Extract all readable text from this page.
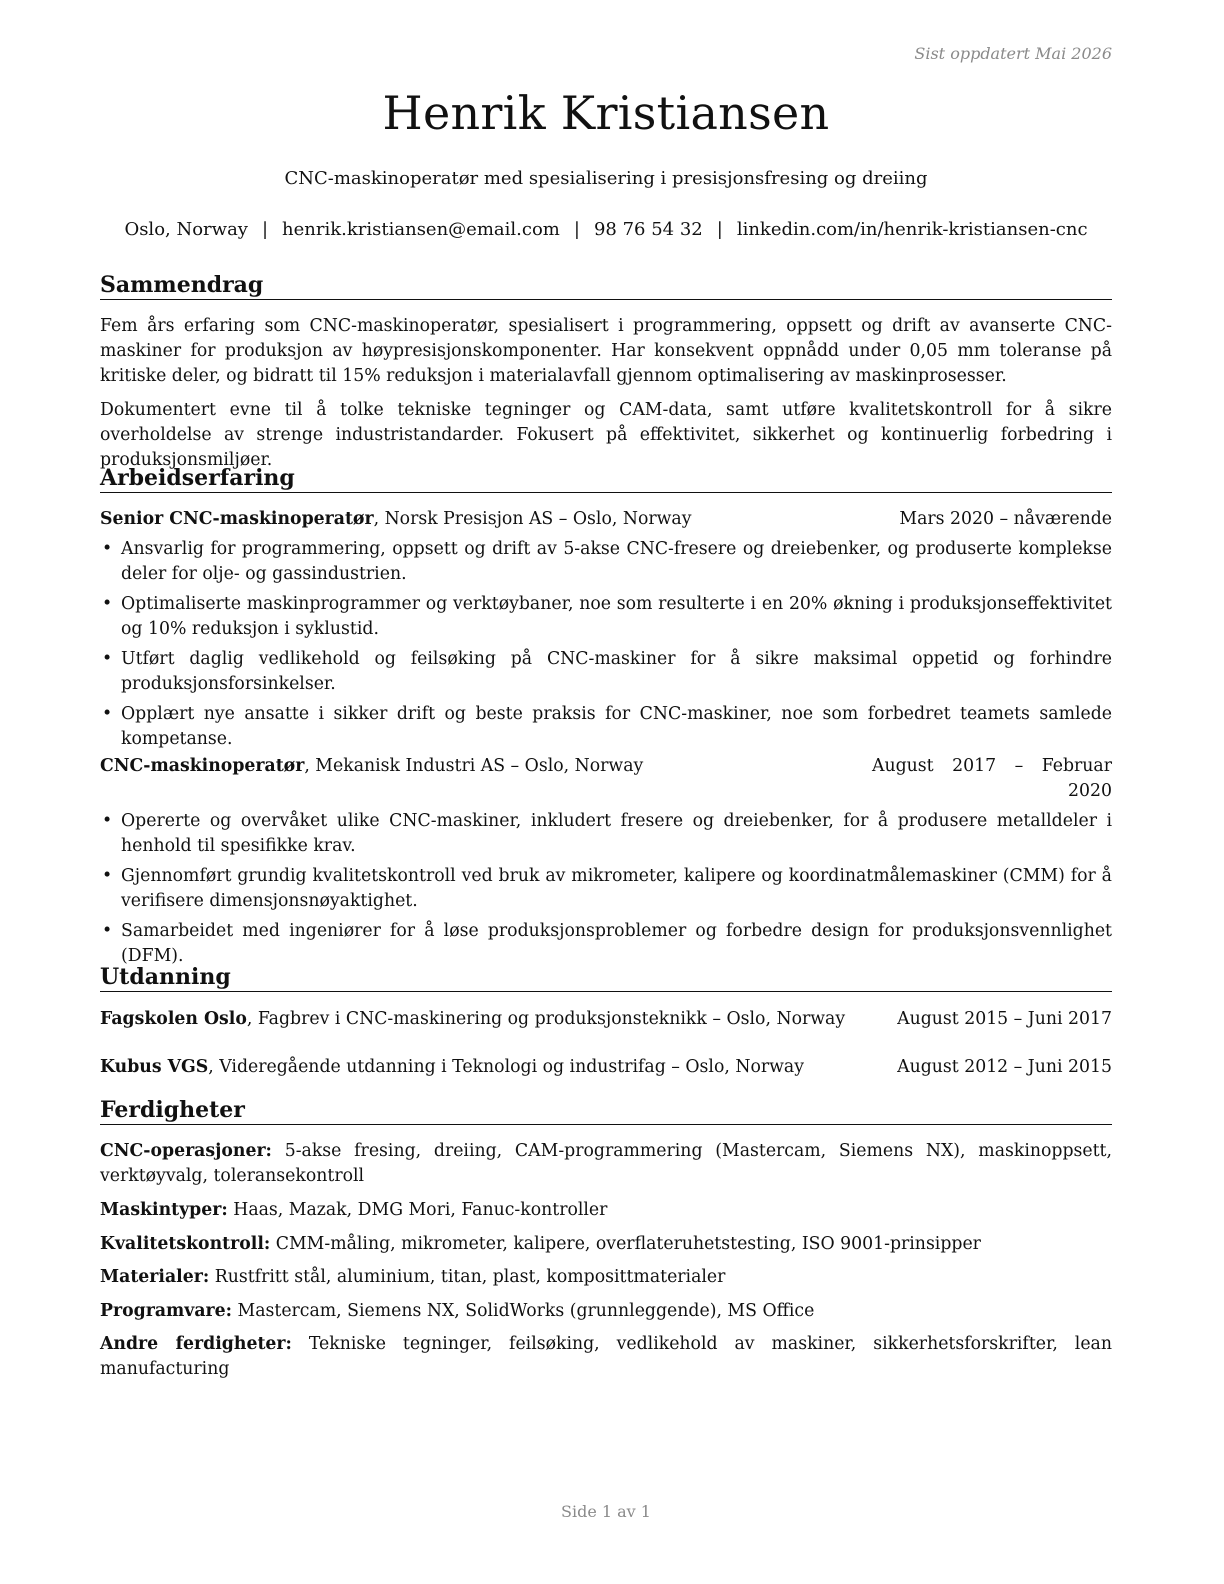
Sist oppdatert Mai 2026
Henrik Kristiansen
CNC-maskinoperatør med spesialisering i presisjonsfresing og dreiing
Oslo, Norway | henrik.kristiansen@email.com | 98 76 54 32 | linkedin.com/in/henrik-kristiansen-cnc
Sammendrag
Fem års erfaring som CNC-maskinoperatør, spesialisert i programmering, oppsett og drift av avanserte CNC-maskiner for produksjon av høypresisjonskomponenter. Har konsekvent oppnådd under 0,05 mm toleranse på kritiske deler, og bidratt til 15% reduksjon i materialavfall gjennom optimalisering av maskinprosesser.
Dokumentert evne til å tolke tekniske tegninger og CAM-data, samt utføre kvalitetskontroll for å sikre overholdelse av strenge industristandarder. Fokusert på effektivitet, sikkerhet og kontinuerlig forbedring i produksjonsmiljøer.
Arbeidserfaring
Senior CNC-maskinoperatør, Norsk Presisjon AS – Oslo, Norway	Mars 2020 – nåværende
• Ansvarlig for programmering, oppsett og drift av 5-akse CNC-fresere og dreiebenker, og produserte komplekse deler for olje- og gassindustrien.
• Optimaliserte maskinprogrammer og verktøybaner, noe som resulterte i en 20% økning i produksjonseffektivitet og 10% reduksjon i syklustid.
• Utført daglig vedlikehold og feilsøking på CNC-maskiner for å sikre maksimal oppetid og forhindre produksjonsforsinkelser.
• Opplært nye ansatte i sikker drift og beste praksis for CNC-maskiner, noe som forbedret teamets samlede kompetanse.
CNC-maskinoperatør, Mekanisk Industri AS – Oslo, Norway	August 2017 – Februar 2020
• Opererte og overvåket ulike CNC-maskiner, inkludert fresere og dreiebenker, for å produsere metalldeler i henhold til spesifikke krav.
• Gjennomført grundig kvalitetskontroll ved bruk av mikrometer, kalipere og koordinatmålemaskiner (CMM) for å verifisere dimensjonsnøyaktighet.
• Samarbeidet med ingeniører for å løse produksjonsproblemer og forbedre design for produksjonsvennlighet (DFM).
Utdanning
Fagskolen Oslo, Fagbrev i CNC-maskinering og produksjonsteknikk – Oslo, Norway	August 2015 – Juni 2017
Kubus VGS, Videregående utdanning i Teknologi og industrifag – Oslo, Norway	August 2012 – Juni 2015
Ferdigheter
CNC-operasjoner: 5-akse fresing, dreiing, CAM-programmering (Mastercam, Siemens NX), maskinoppsett, verktøyvalg, toleransekontroll
Maskintyper: Haas, Mazak, DMG Mori, Fanuc-kontroller
Kvalitetskontroll: CMM-måling, mikrometer, kalipere, overflateruhetstesting, ISO 9001-prinsipper
Materialer: Rustfritt stål, aluminium, titan, plast, komposittmaterialer
Programvare: Mastercam, Siemens NX, SolidWorks (grunnleggende), MS Office
Andre ferdigheter: Tekniske tegninger, feilsøking, vedlikehold av maskiner, sikkerhetsforskrifter, lean manufacturing
Side 1 av 1
